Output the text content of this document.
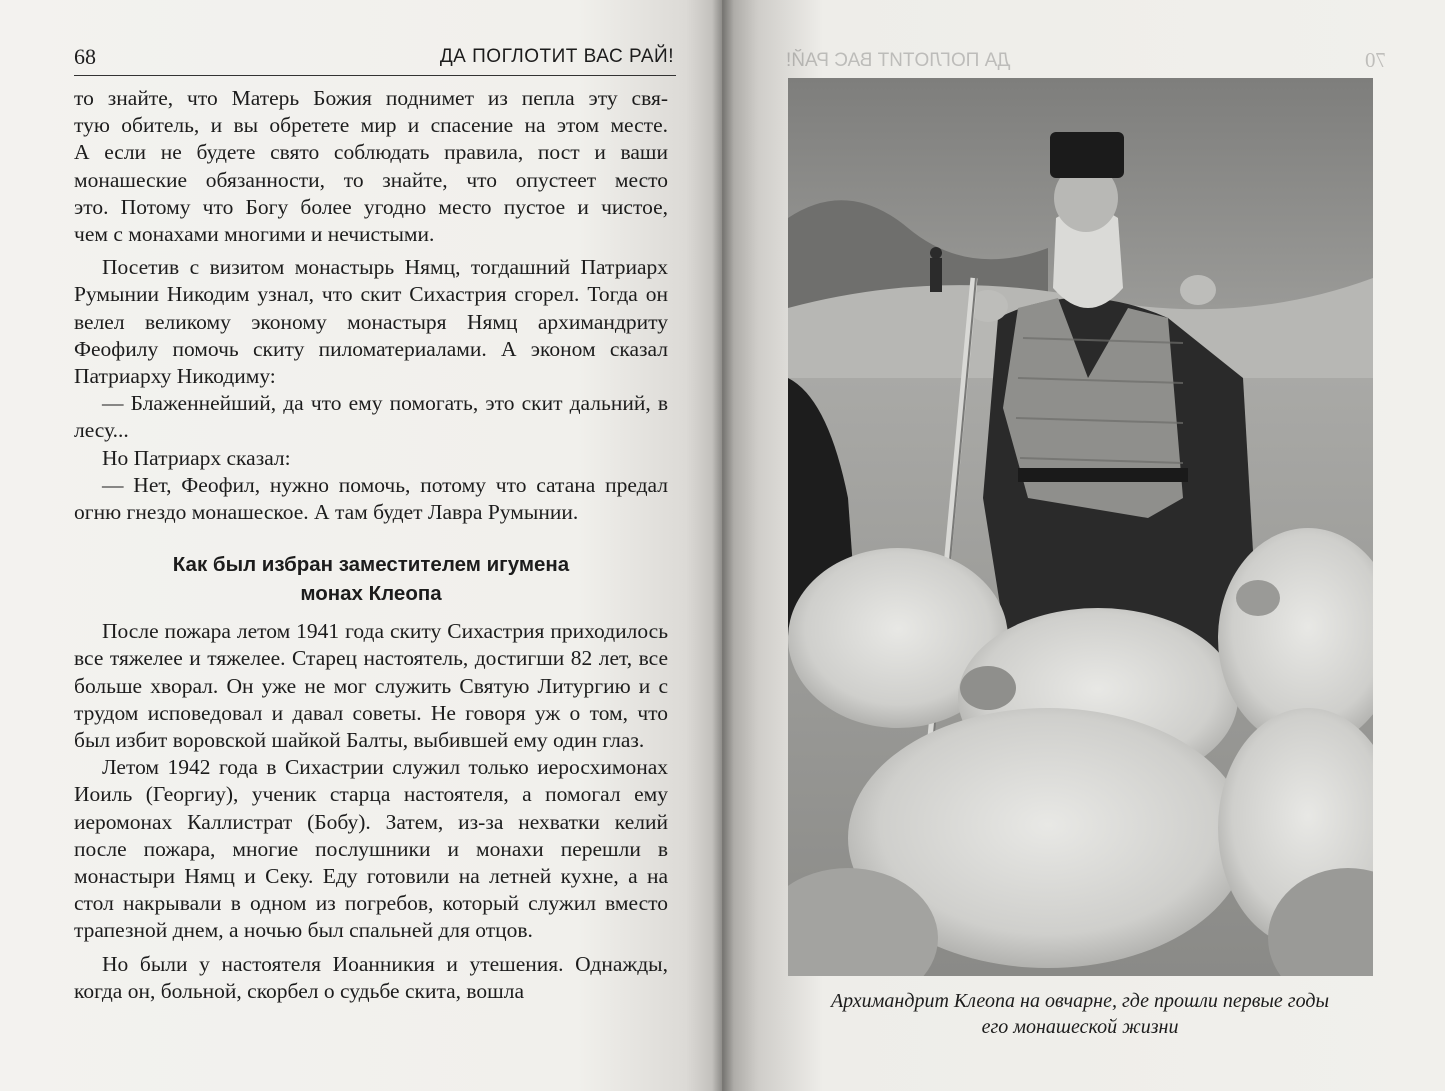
68	ДА ПОГЛОТИТ ВАС РАЙ!

то знайте, что Матерь Божия поднимет из пепла эту свя-

тую обитель, и вы обретете мир и спасение на этом месте.

А если не будете свято соблюдать правила, пост и ваши

монашеские обязанности, то знайте, что опустеет место

это. Потому что Богу более угодно место пустое и чистое,

чем с монахами многими и нечистыми.

Посетив с визитом монастырь Нямц, тогдашний Патриарх Румынии Никодим узнал, что скит Сихастрия сгорел. Тогда он велел великому эконому монастыря Нямц архимандриту Феофилу помочь скиту пиломатериалами. А эконом сказал Патриарху Никодиму:

— Блаженнейший, да что ему помогать, это скит дальний, в лесу...

Но Патриарх сказал:

— Нет, Феофил, нужно помочь, потому что сатана предал огню гнездо монашеское. А там будет Лавра Румынии.

Как был избран заместителем игумена
монах Клеопа

После пожара летом 1941 года скиту Сихастрия приходилось все тяжелее и тяжелее. Старец настоятель, достигши 82 лет, все больше хворал. Он уже не мог служить Святую Литургию и с трудом исповедовал и давал советы. Не говоря уж о том, что был избит воровской шайкой Балты, выбившей ему один глаз.

Летом 1942 года в Сихастрии служил только иеросхимонах Иоиль (Георгиу), ученик старца настоятеля, а помогал ему иеромонах Каллистрат (Бобу). Затем, из-за нехватки келий после пожара, многие послушники и монахи перешли в монастыри Нямц и Секу. Еду готовили на летней кухне, а на стол накрывали в одном из погребов, который служил вместо трапезной днем, а ночью был спальней для отцов.

Но были у настоятеля Иоанникия и утешения. Однажды, когда он, больной, скорбел о судьбе скита, вошла

ДА ПОГЛОТИТ ВАС РАЙ!	70
Архимандрит Клеопа на овчарне, где прошли первые годы
его монашеской жизни
